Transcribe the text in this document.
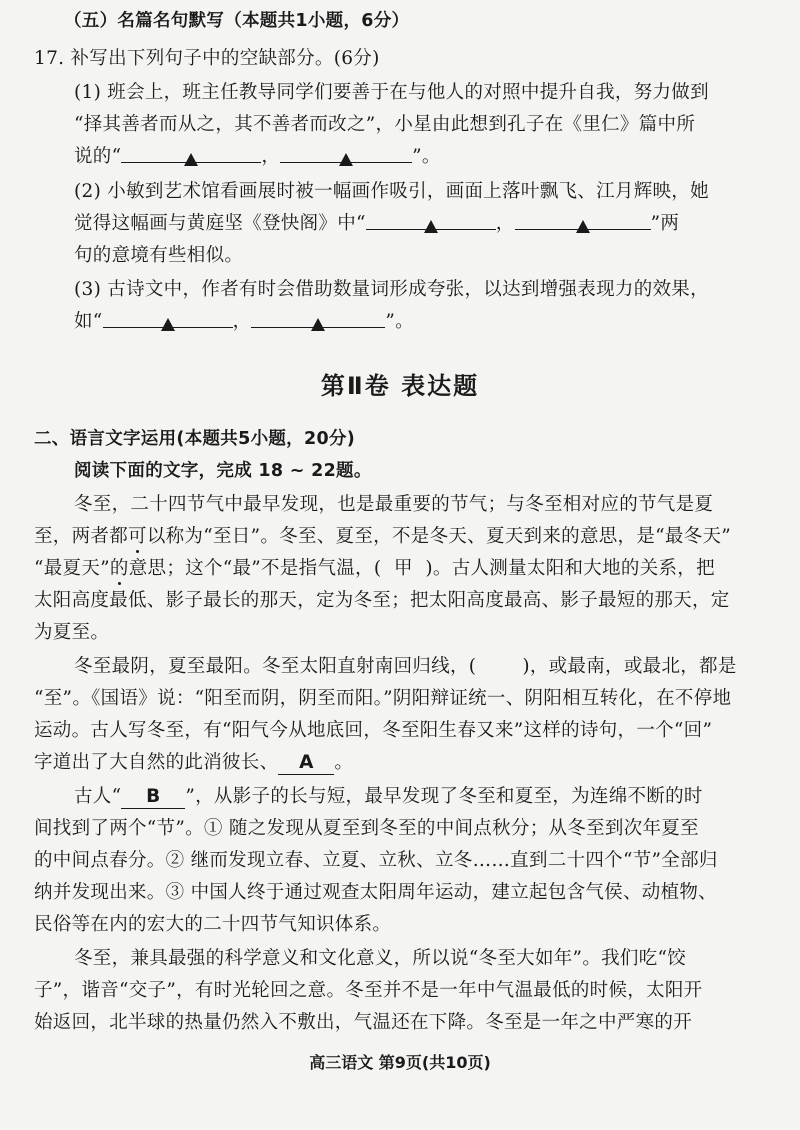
（五）名篇名句默写（本题共1小题，6分）
17. 补写出下列句子中的空缺部分。(6分)
(1) 班会上，班主任教导同学们要善于在与他人的对照中提升自我，努力做到
“择其善者而从之，其不善者而改之”，小星由此想到孔子在《里仁》篇中所
说的“	，	”。
(2) 小敏到艺术馆看画展时被一幅画作吸引，画面上落叶飘飞、江月辉映，她
觉得这幅画与黄庭坚《登快阁》中“	，	”两
句的意境有些相似。
(3) 古诗文中，作者有时会借助数量词形成夸张，以达到增强表现力的效果，
如“	，	”。
第Ⅱ卷 表达题
二、语言文字运用(本题共5小题，20分)
阅读下面的文字，完成 18 ~ 22题。
冬至，二十四节气中最早发现，也是最重要的节气；与冬至相对应的节气是夏
至，两者都可以称为“至日”。冬至、夏至，不是冬天、夏天到来的意思，是“最冬天”
“最夏天”的意思；这个“最”不是指气温，( 甲 )。古人测量太阳和大地的关系，把
太阳高度最低、影子最长的那天，定为冬至；把太阳高度最高、影子最短的那天，定
为夏至。
冬至最阴，夏至最阳。冬至太阳直射南回归线，( )，或最南，或最北，都是
“至”。《国语》说：“阳至而阴，阴至而阳。”阴阳辩证统一、阴阳相互转化，在不停地
运动。古人写冬至，有“阳气今从地底回，冬至阳生春又来”这样的诗句，一个“回”
字道出了大自然的此消彼长、 A 。
古人“ B ”，从影子的长与短，最早发现了冬至和夏至，为连绵不断的时
间找到了两个“节”。① 随之发现从夏至到冬至的中间点秋分；从冬至到次年夏至
的中间点春分。② 继而发现立春、立夏、立秋、立冬……直到二十四个“节”全部归
纳并发现出来。③ 中国人终于通过观查太阳周年运动，建立起包含气侯、动植物、
民俗等在内的宏大的二十四节气知识体系。
冬至，兼具最强的科学意义和文化意义，所以说“冬至大如年”。我们吃“饺
子”，谐音“交子”，有时光轮回之意。冬至并不是一年中气温最低的时候，太阳开
始返回，北半球的热量仍然入不敷出，气温还在下降。冬至是一年之中严寒的开
高三语文 第9页(共10页)
